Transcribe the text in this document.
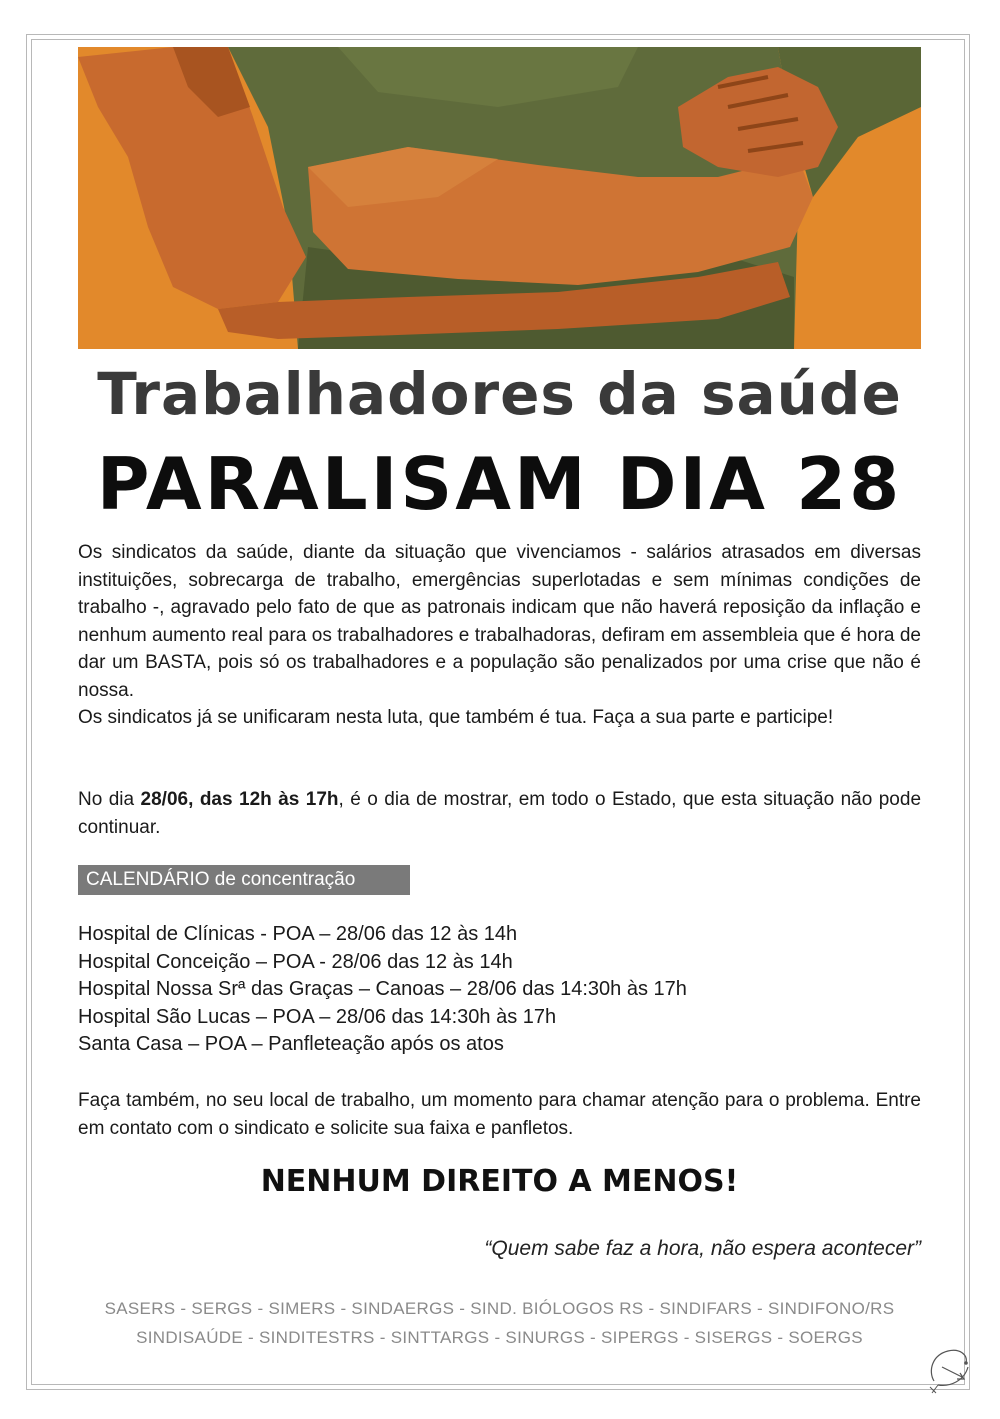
Trabalhadores da saúde
PARALISAM DIA 28
Os sindicatos da saúde, diante da situação que vivenciamos - salários atrasados em diversas instituições, sobrecarga de trabalho, emergências superlotadas e sem mínimas condições de trabalho -, agravado pelo fato de que as patronais indicam que não haverá reposição da inflação e nenhum aumento real para os trabalhadores e trabalhadoras, defiram em assembleia que é hora de dar um BASTA, pois só os trabalhadores e a população são penalizados por uma crise que não é nossa.
Os sindicatos já se unificaram nesta luta, que também é tua. Faça a sua parte e participe!
No dia 28/06, das 12h às 17h, é o dia de mostrar, em todo o Estado, que esta situação não pode continuar.
CALENDÁRIO de concentração
Hospital de Clínicas - POA – 28/06 das 12 às 14h
Hospital Conceição – POA - 28/06 das 12 às 14h
Hospital Nossa Srª das Graças – Canoas – 28/06 das 14:30h às 17h
Hospital São Lucas – POA – 28/06 das 14:30h às 17h
Santa Casa – POA – Panfleteação após os atos
Faça também, no seu local de trabalho, um momento para chamar atenção para o problema. Entre em contato com o sindicato e solicite sua faixa e panfletos.
NENHUM DIREITO A MENOS!
“Quem sabe faz a hora, não espera acontecer”
SASERS - SERGS - SIMERS - SINDAERGS - SIND. BIÓLOGOS RS - SINDIFARS - SINDIFONO/RS
SINDISAÚDE - SINDITESTRS - SINTTARGS - SINURGS - SIPERGS - SISERGS - SOERGS
